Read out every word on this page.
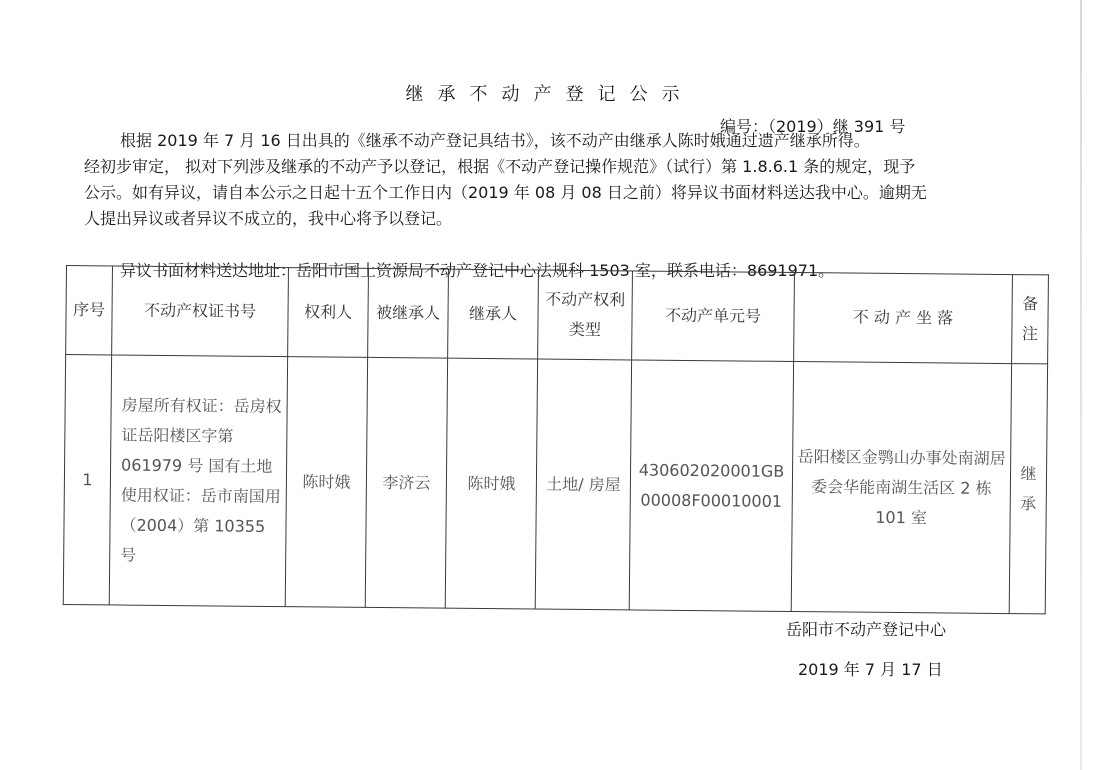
继承不动产登记公示
编号：（2019）继 391 号

根据 2019 年 7 月 16 日出具的《继承不动产登记具结书》，该不动产由继承人陈时娥通过遗产继承所得。

经初步审定， 拟对下列涉及继承的不动产予以登记，根据《不动产登记操作规范》（试行）第 1.8.6.1 条的规定，现予

公示。如有异议，请自本公示之日起十五个工作日内（2019 年 08 月 08 日之前）将异议书面材料送达我中心。逾期无

人提出异议或者异议不成立的，我中心将予以登记。

异议书面材料送达地址：岳阳市国土资源局不动产登记中心法规科 1503 室，联系电话：8691971。
序号	不动产权证书号	权利人	被继承人	继承人	不动产权利类型	不动产单元号	不 动 产 坐 落	备注
1	房屋所有权证：岳房权证岳阳楼区字第 061979 号 国有土地使用权证：岳市南国用（2004）第 10355 号	陈时娥	李济云	陈时娥	土地/ 房屋	430602020001GB00008F00010001	岳阳楼区金鹗山办事处南湖居委会华能南湖生活区 2 栋 101 室	继承
岳阳市不动产登记中心
2019 年 7 月 17 日
